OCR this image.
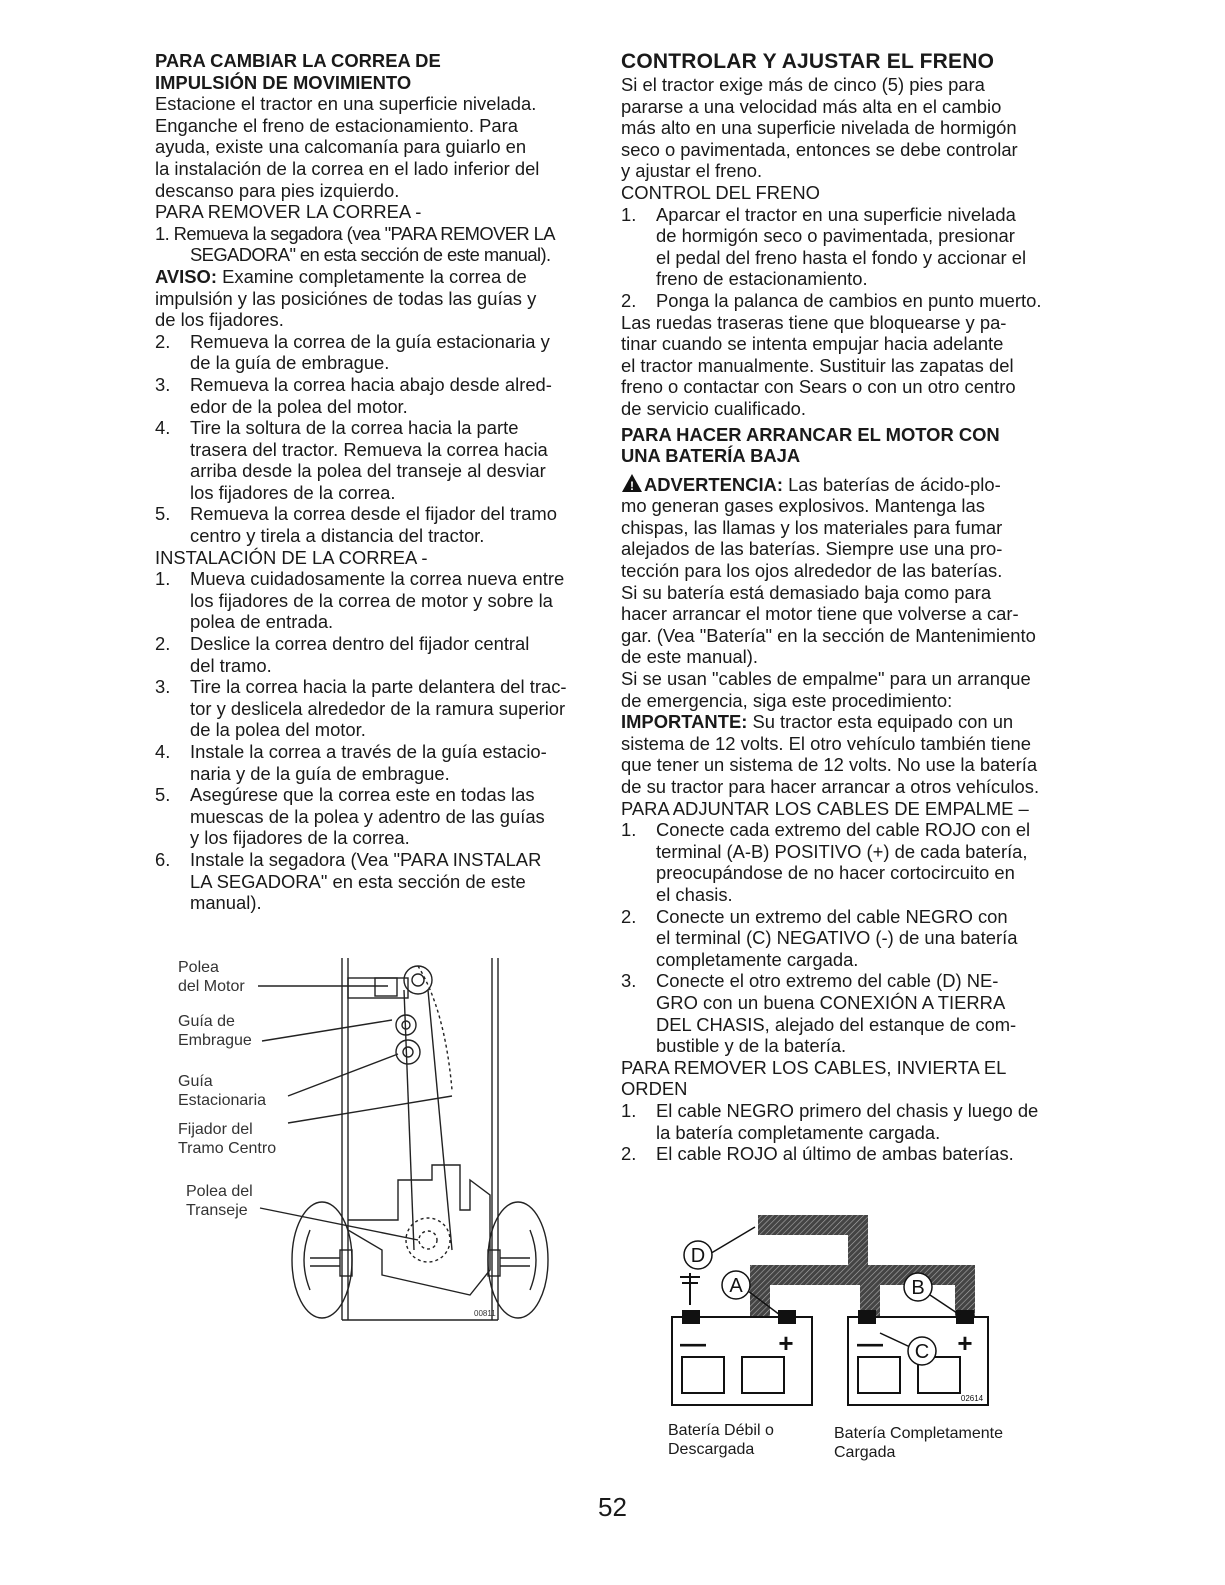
PARA CAMBIAR LA CORREA DE
IMPULSIÓN DE MOVIMIENTO

Estacione el tractor en una superficie nivelada.
Enganche el freno de estacionamiento. Para
ayuda, existe una calcomanía para guiarlo en
la instalación de la correa en el lado inferior del
descanso para pies izquierdo.

PARA REMOVER LA CORREA -

1. Remueva la segadora (vea "PARA REMOVER LA
SEGADORA" en esta sección de este manual).

AVISO: Examine completamente la correa de
impulsión y las posiciónes de todas las guías y
de los fijadores.

2.	Remueva la correa de la guía estacionaria y
de la guía de embrague.
3.	Remueva la correa hacia abajo desde alred-
edor de la polea del motor.
4.	Tire la soltura de la correa hacia la parte
trasera del tractor. Remueva la correa hacia
arriba desde la polea del transeje al desviar
los fijadores de la correa.
5.	Remueva la correa desde el fijador del tramo
centro y tirela a distancia del tractor.

INSTALACIÓN DE LA CORREA -

1.	Mueva cuidadosamente la correa nueva entre
los fijadores de la correa de motor y sobre la
polea de entrada.
2.	Deslice la correa dentro del fijador central
del tramo.
3.	Tire la correa hacia la parte delantera del trac-
tor y deslicela alrededor de la ramura superior
de la polea del motor.
4.	Instale la correa a través de la guía estacio-
naria y de la guía de embrague.
5.	Asegúrese que la correa este en todas las
muescas de la polea y adentro de las guías
y los fijadores de la correa.
6.	Instale la segadora (Vea "PARA INSTALAR
LA SEGADORA" en esta sección de este
manual).
Polea del Motor
Guía de Embrague
Guía Estacionaria
Fijador del Tramo Centro
Polea del Transeje
00811

CONTROLAR Y AJUSTAR EL FRENO

Si el tractor exige más de cinco (5) pies para
pararse a una velocidad más alta en el cambio
más alto en una superficie nivelada de hormigón
seco o pavimentada, entonces se debe controlar
y ajustar el freno.

CONTROL DEL FRENO

1.	Aparcar el tractor en una superficie nivelada
de hormigón seco o pavimentada, presionar
el pedal del freno hasta el fondo y accionar el
freno de estacionamiento.
2.	Ponga la palanca de cambios en punto muerto.

Las ruedas traseras tiene que bloquearse y pa-
tinar cuando se intenta empujar hacia adelante
el tractor manualmente. Sustituir las zapatas del
freno o contactar con Sears o con un otro centro
de servicio cualificado.

PARA HACER ARRANCAR EL MOTOR CON
UNA BATERÍA BAJA

! ADVERTENCIA: Las baterías de ácido-plo-
mo generan gases explosivos. Mantenga las
chispas, las llamas y los materiales para fumar
alejados de las baterías. Siempre use una pro-
tección para los ojos alrededor de las baterías.
Si su batería está demasiado baja como para
hacer arrancar el motor tiene que volverse a car-
gar. (Vea "Batería" en la sección de Mantenimiento
de este manual).

Si se usan "cables de empalme" para un arranque
de emergencia, siga este procedimiento:

IMPORTANTE: Su tractor esta equipado con un
sistema de 12 volts. El otro vehículo también tiene
que tener un sistema de 12 volts. No use la batería
de su tractor para hacer arrancar a otros vehículos.

PARA ADJUNTAR LOS CABLES DE EMPALME –

1.	Conecte cada extremo del cable ROJO con el
terminal (A-B) POSITIVO (+) de cada batería,
preocupándose de no hacer cortocircuito en
el chasis.
2.	Conecte un extremo del cable NEGRO con
el terminal (C) NEGATIVO (-) de una batería
completamente cargada.
3.	Conecte el otro extremo del cable (D) NE-
GRO con un buena CONEXIÓN A TIERRA
DEL CHASIS, alejado del estanque de com-
bustible y de la batería.

PARA REMOVER LOS CABLES, INVIERTA EL
ORDEN

1.	El cable NEGRO primero del chasis y luego de
la batería completamente cargada.
2.	El cable ROJO al último de ambas baterías.
D
A	B
C
—	+ —	+
02614
Batería Débil o
Descargada
Batería Completamente
Cargada
52
